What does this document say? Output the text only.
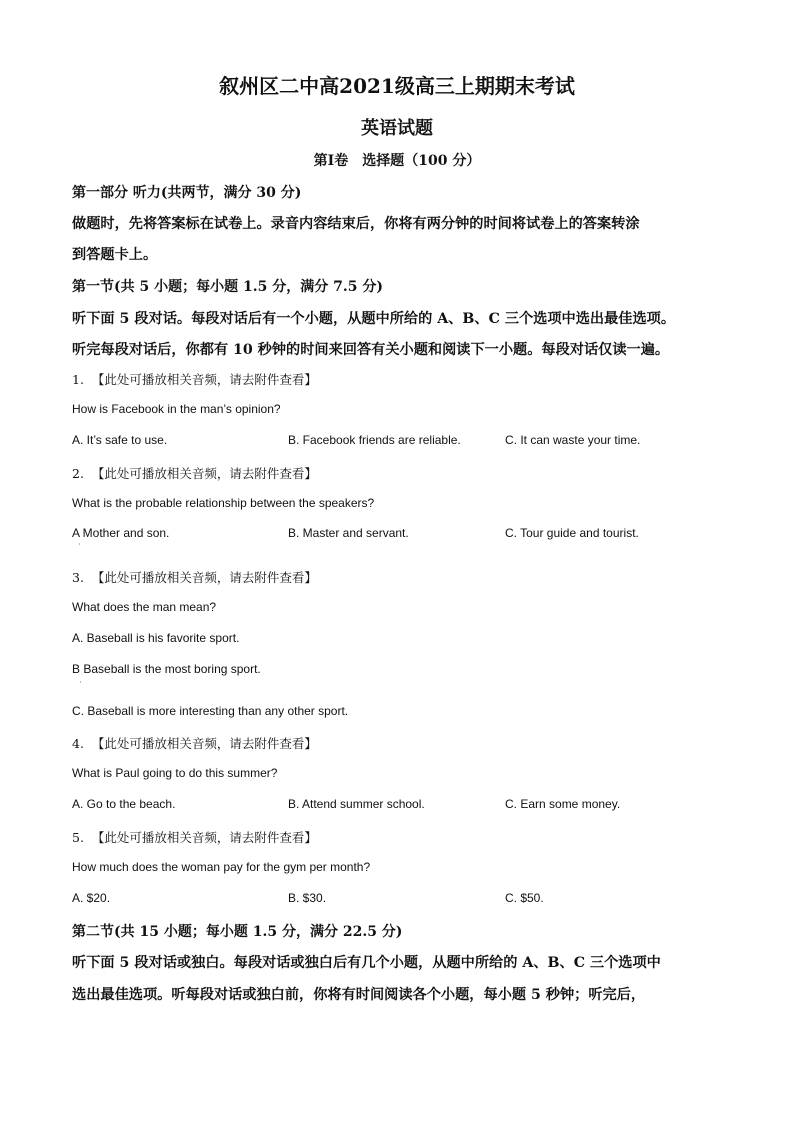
叙州区二中高2021级高三上期期末考试
英语试题
第Ⅰ卷　选择题（100 分）
第一部分 听力(共两节，满分 30 分)
做题时，先将答案标在试卷上。录音内容结束后，你将有两分钟的时间将试卷上的答案转涂
到答题卡上。
第一节(共 5 小题；每小题 1.5 分，满分 7.5 分)
听下面 5 段对话。每段对话后有一个小题，从题中所给的 A、B、C 三个选项中选出最佳选项。
听完每段对话后，你都有 10 秒钟的时间来回答有关小题和阅读下一小题。每段对话仅读一遍。
1. 【此处可播放相关音频，请去附件查看】
How is Facebook in the man’s opinion?
A. It’s safe to use.	B. Facebook friends are reliable.	C. It can waste your time.
2. 【此处可播放相关音频，请去附件查看】
What is the probable relationship between the speakers?
A Mother and son.
·
B. Master and servant.	C. Tour guide and tourist.
3. 【此处可播放相关音频，请去附件查看】
What does the man mean?
A. Baseball is his favorite sport.
B Baseball is the most boring sport.
·
C. Baseball is more interesting than any other sport.
4. 【此处可播放相关音频，请去附件查看】
What is Paul going to do this summer?
A. Go to the beach.	B. Attend summer school.	C. Earn some money.
5. 【此处可播放相关音频，请去附件查看】
How much does the woman pay for the gym per month?
A. $20.	B. $30.	C. $50.
第二节(共 15 小题；每小题 1.5 分，满分 22.5 分)
听下面 5 段对话或独白。每段对话或独白后有几个小题，从题中所给的 A、B、C 三个选项中
选出最佳选项。听每段对话或独白前，你将有时间阅读各个小题，每小题 5 秒钟；听完后，
